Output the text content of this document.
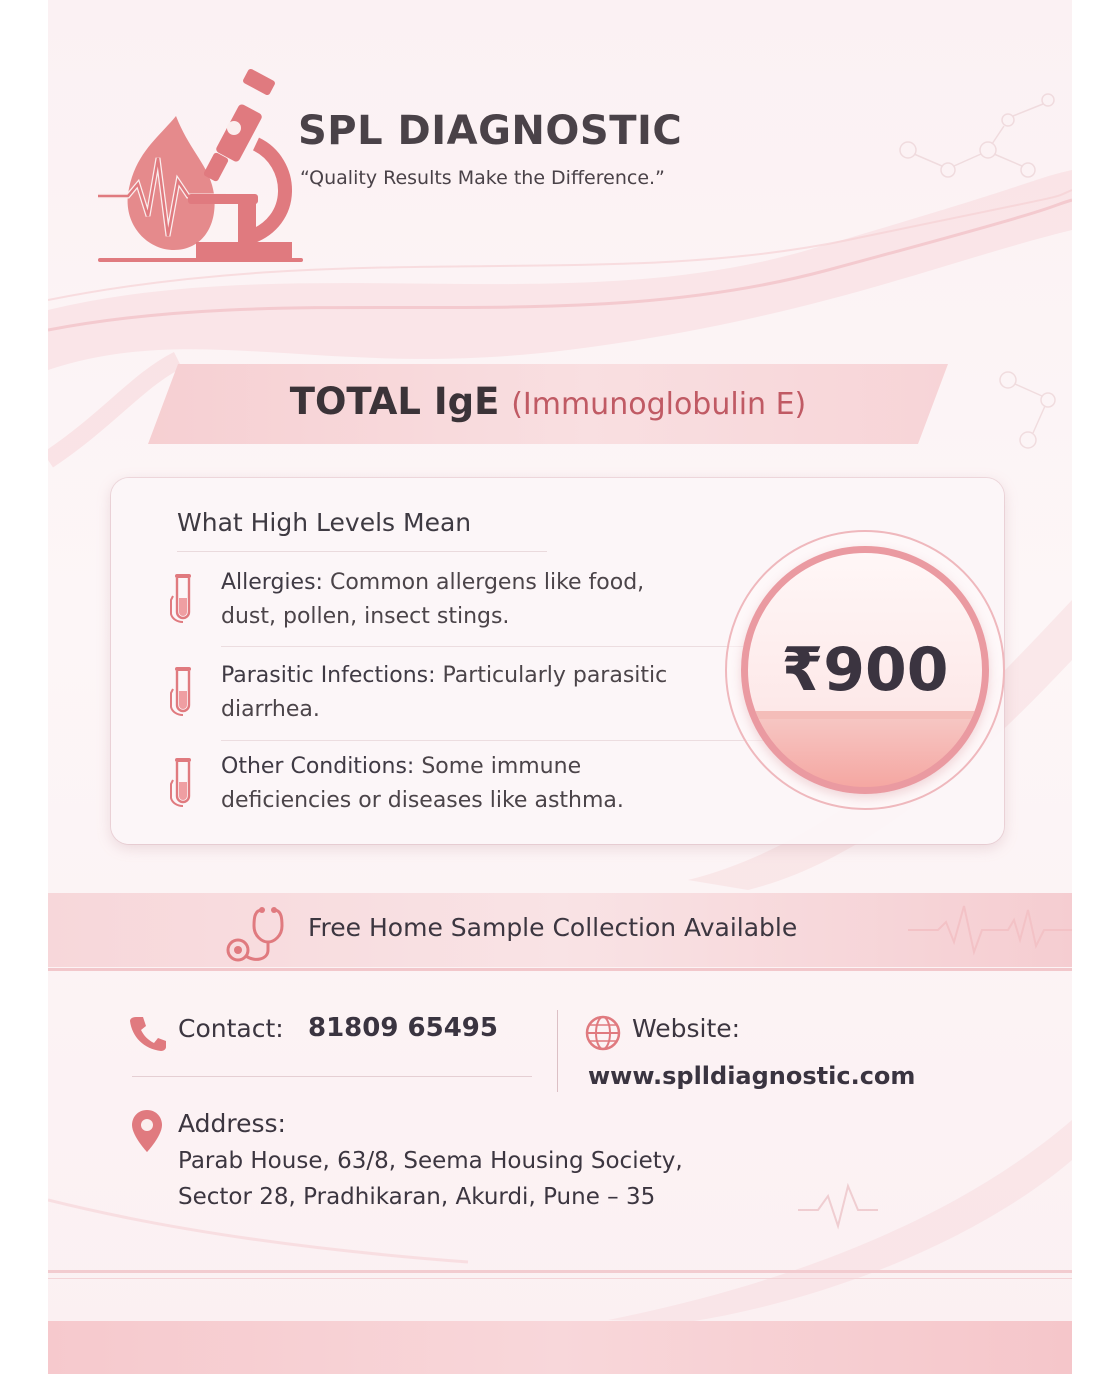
SPL DIAGNOSTIC
“Quality Results Make the Difference.”
TOTAL IgE (Immunoglobulin E)
What High Levels Mean
Allergies: Common allergens like food, dust, pollen, insect stings.
Parasitic Infections: Particularly parasitic diarrhea.
Other Conditions: Some immune deficiencies or diseases like asthma.
₹900
Free Home Sample Collection Available
Contact: 81809 65495	Website:
www.splldiagnostic.com
Address:
Parab House, 63/8, Seema Housing Society,
Sector 28, Pradhikaran, Akurdi, Pune – 35
